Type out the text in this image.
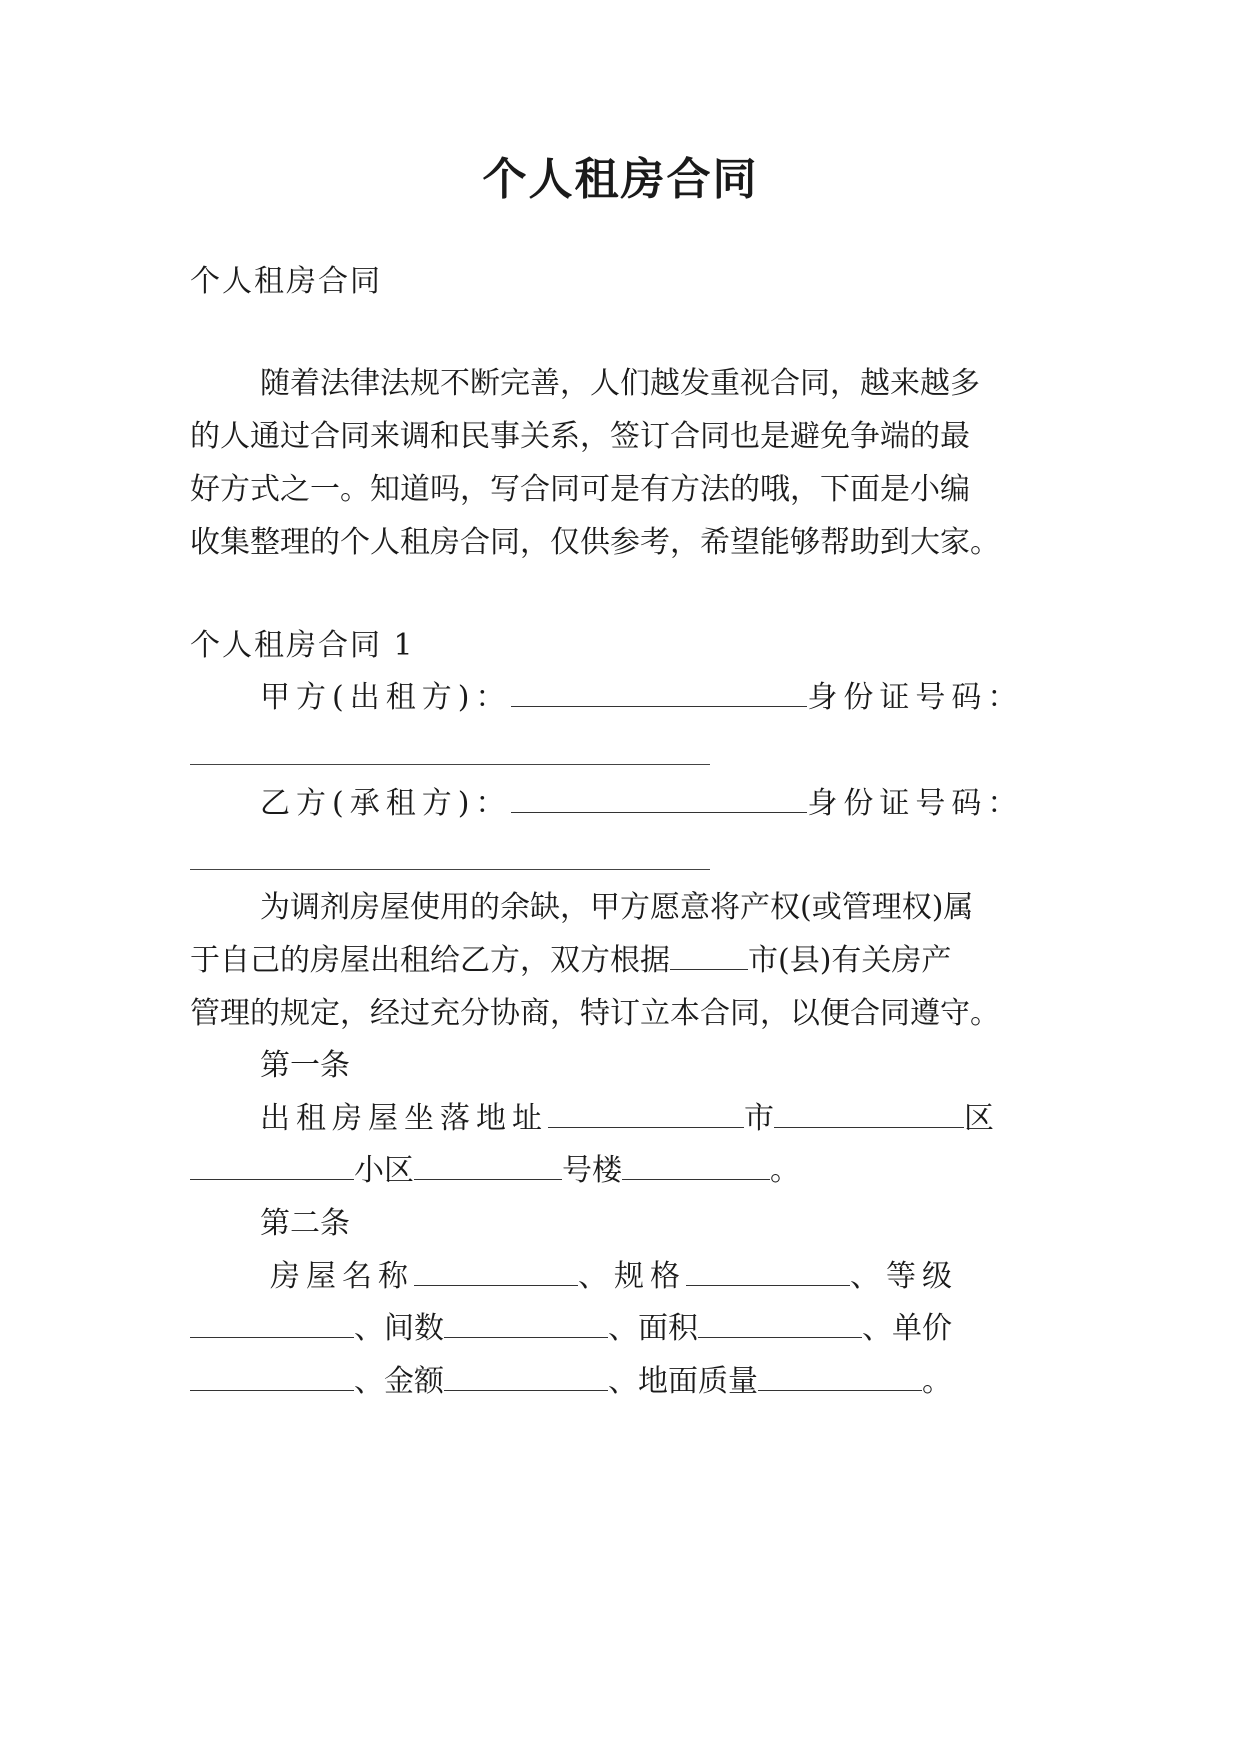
个人租房合同

个人租房合同

随着法律法规不断完善，人们越发重视合同，越来越多

的人通过合同来调和民事关系，签订合同也是避免争端的最

好方式之一。知道吗，写合同可是有方法的哦，下面是小编

收集整理的个人租房合同，仅供参考，希望能够帮助到大家。

个人租房合同 1

甲方(出租方)：	身份证号码：

乙方(承租方)：	身份证号码：

为调剂房屋使用的余缺，甲方愿意将产权(或管理权)属

于自己的房屋出租给乙方，双方根据	市(县)有关房产

管理的规定，经过充分协商，特订立本合同，以便合同遵守。

第一条

出租房屋坐落地址	市	区

小区	号楼	。

第二条

房屋名称	、规格	、等级

、间数	、面积	、单价

、金额	、地面质量	。
